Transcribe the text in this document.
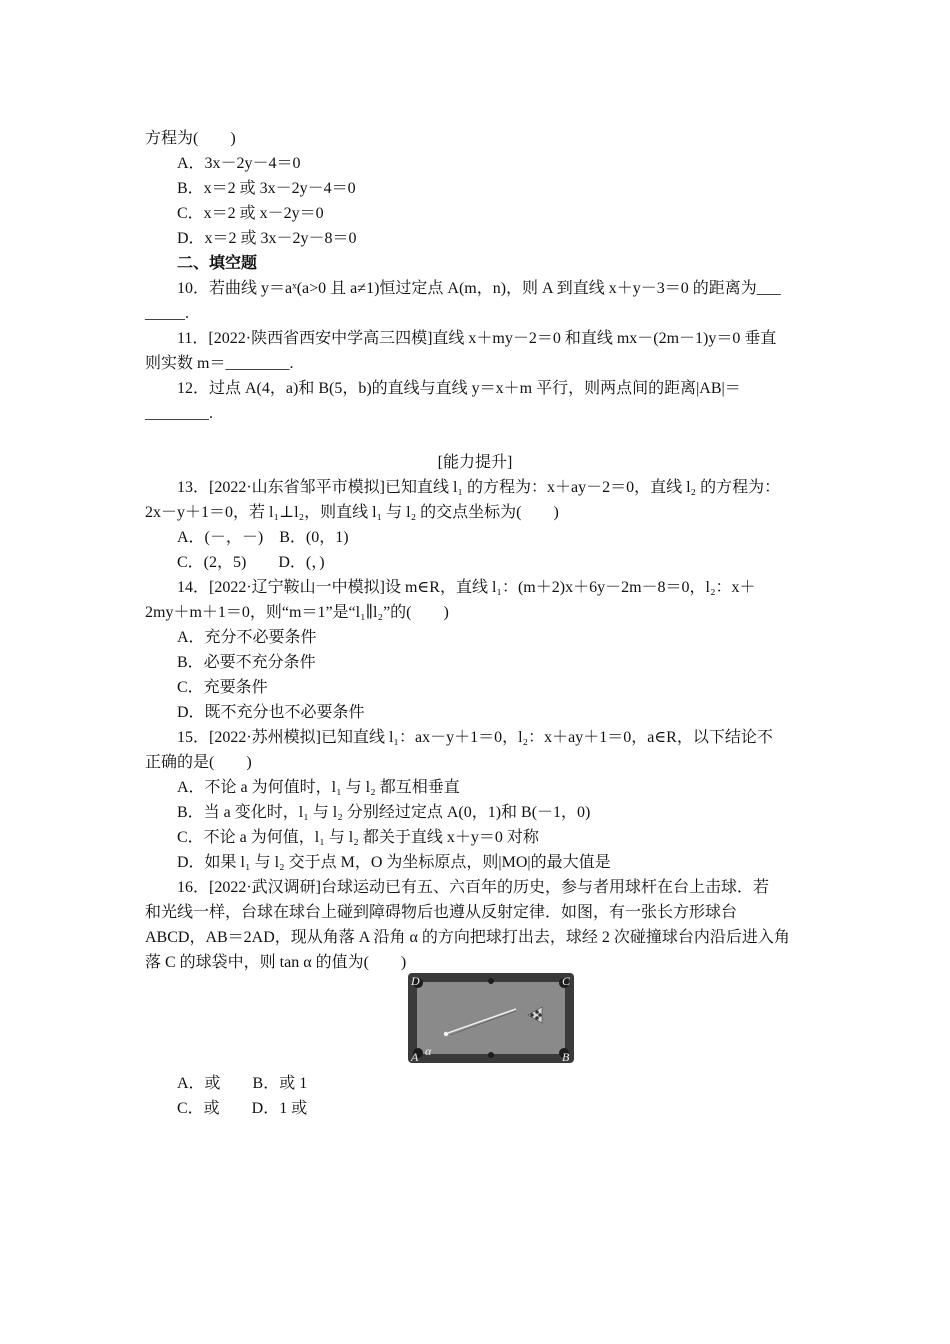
方程为(　　)
A．3x－2y－4＝0
B．x＝2 或 3x－2y－4＝0
C．x＝2 或 x－2y＝0
D．x＝2 或 3x－2y－8＝0
二、填空题
10．若曲线 y＝aˣ(a>0 且 a≠1)恒过定点 A(m，n)，则 A 到直线 x＋y－3＝0 的距离为___
_____.
11．[2022·陕西省西安中学高三四模]直线 x＋my－2＝0 和直线 mx－(2m－1)y＝0 垂直
则实数 m＝________.
12．过点 A(4，a)和 B(5，b)的直线与直线 y＝x＋m 平行，则两点间的距离|AB|＝
________.
[能力提升]
13．[2022·山东省邹平市模拟]已知直线 l₁ 的方程为：x＋ay－2＝0，直线 l₂ 的方程为：
2x－y＋1＝0，若 l₁⊥l₂，则直线 l₁ 与 l₂ 的交点坐标为(　　)
A．(－，－)　B．(0，1)
C．(2，5)　　D．(，)
14．[2022·辽宁鞍山一中模拟]设 m∈R，直线 l₁：(m＋2)x＋6y－2m－8＝0，l₂：x＋
2my＋m＋1＝0，则“m＝1”是“l₁∥l₂”的(　　)
A．充分不必要条件
B．必要不充分条件
C．充要条件
D．既不充分也不必要条件
15．[2022·苏州模拟]已知直线 l₁：ax－y＋1＝0，l₂：x＋ay＋1＝0，a∈R，以下结论不
正确的是(　　)
A．不论 a 为何值时，l₁ 与 l₂ 都互相垂直
B．当 a 变化时，l₁ 与 l₂ 分别经过定点 A(0，1)和 B(－1，0)
C．不论 a 为何值，l₁ 与 l₂ 都关于直线 x＋y＝0 对称
D．如果 l₁ 与 l₂ 交于点 M，O 为坐标原点，则|MO|的最大值是
16．[2022·武汉调研]台球运动已有五、六百年的历史，参与者用球杆在台上击球．若
和光线一样，台球在球台上碰到障碍物后也遵从反射定律．如图，有一张长方形球台
ABCD，AB＝2AD，现从角落 A 沿角 α 的方向把球打出去，球经 2 次碰撞球台内沿后进入角
落 C 的球袋中，则 tan α 的值为(　　)
D	C
A	B
α
A．或　　B．或 1
C．或　　D．1 或
